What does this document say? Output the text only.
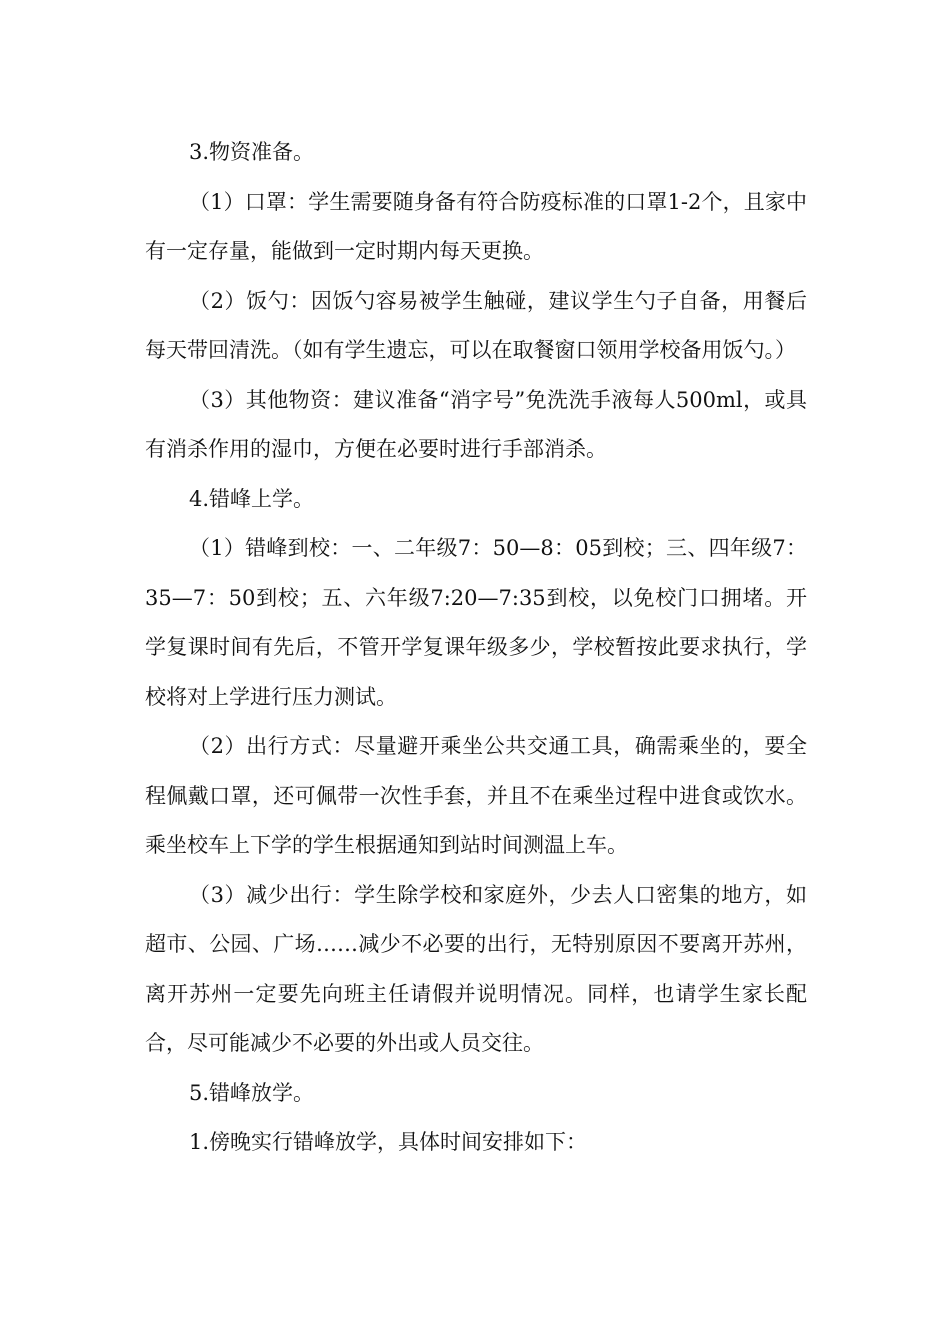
3.物资准备。

（1）口罩：学生需要随身备有符合防疫标准的口罩1-2个，且家中有一定存量，能做到一定时期内每天更换。

（2）饭勺：因饭勺容易被学生触碰，建议学生勺子自备，用餐后每天带回清洗。（如有学生遗忘，可以在取餐窗口领用学校备用饭勺。）

（3）其他物资：建议准备“消字号”免洗洗手液每人500ml，或具有消杀作用的湿巾，方便在必要时进行手部消杀。

4.错峰上学。

（1）错峰到校：一、二年级7：50—8：05到校；三、四年级7：35—7：50到校；五、六年级7:20—7:35到校，以免校门口拥堵。开学复课时间有先后，不管开学复课年级多少，学校暂按此要求执行，学校将对上学进行压力测试。

（2）出行方式：尽量避开乘坐公共交通工具，确需乘坐的，要全程佩戴口罩，还可佩带一次性手套，并且不在乘坐过程中进食或饮水。乘坐校车上下学的学生根据通知到站时间测温上车。

（3）减少出行：学生除学校和家庭外，少去人口密集的地方，如超市、公园、广场……减少不必要的出行，无特别原因不要离开苏州，离开苏州一定要先向班主任请假并说明情况。同样，也请学生家长配合，尽可能减少不必要的外出或人员交往。

5.错峰放学。

1.傍晚实行错峰放学，具体时间安排如下：
